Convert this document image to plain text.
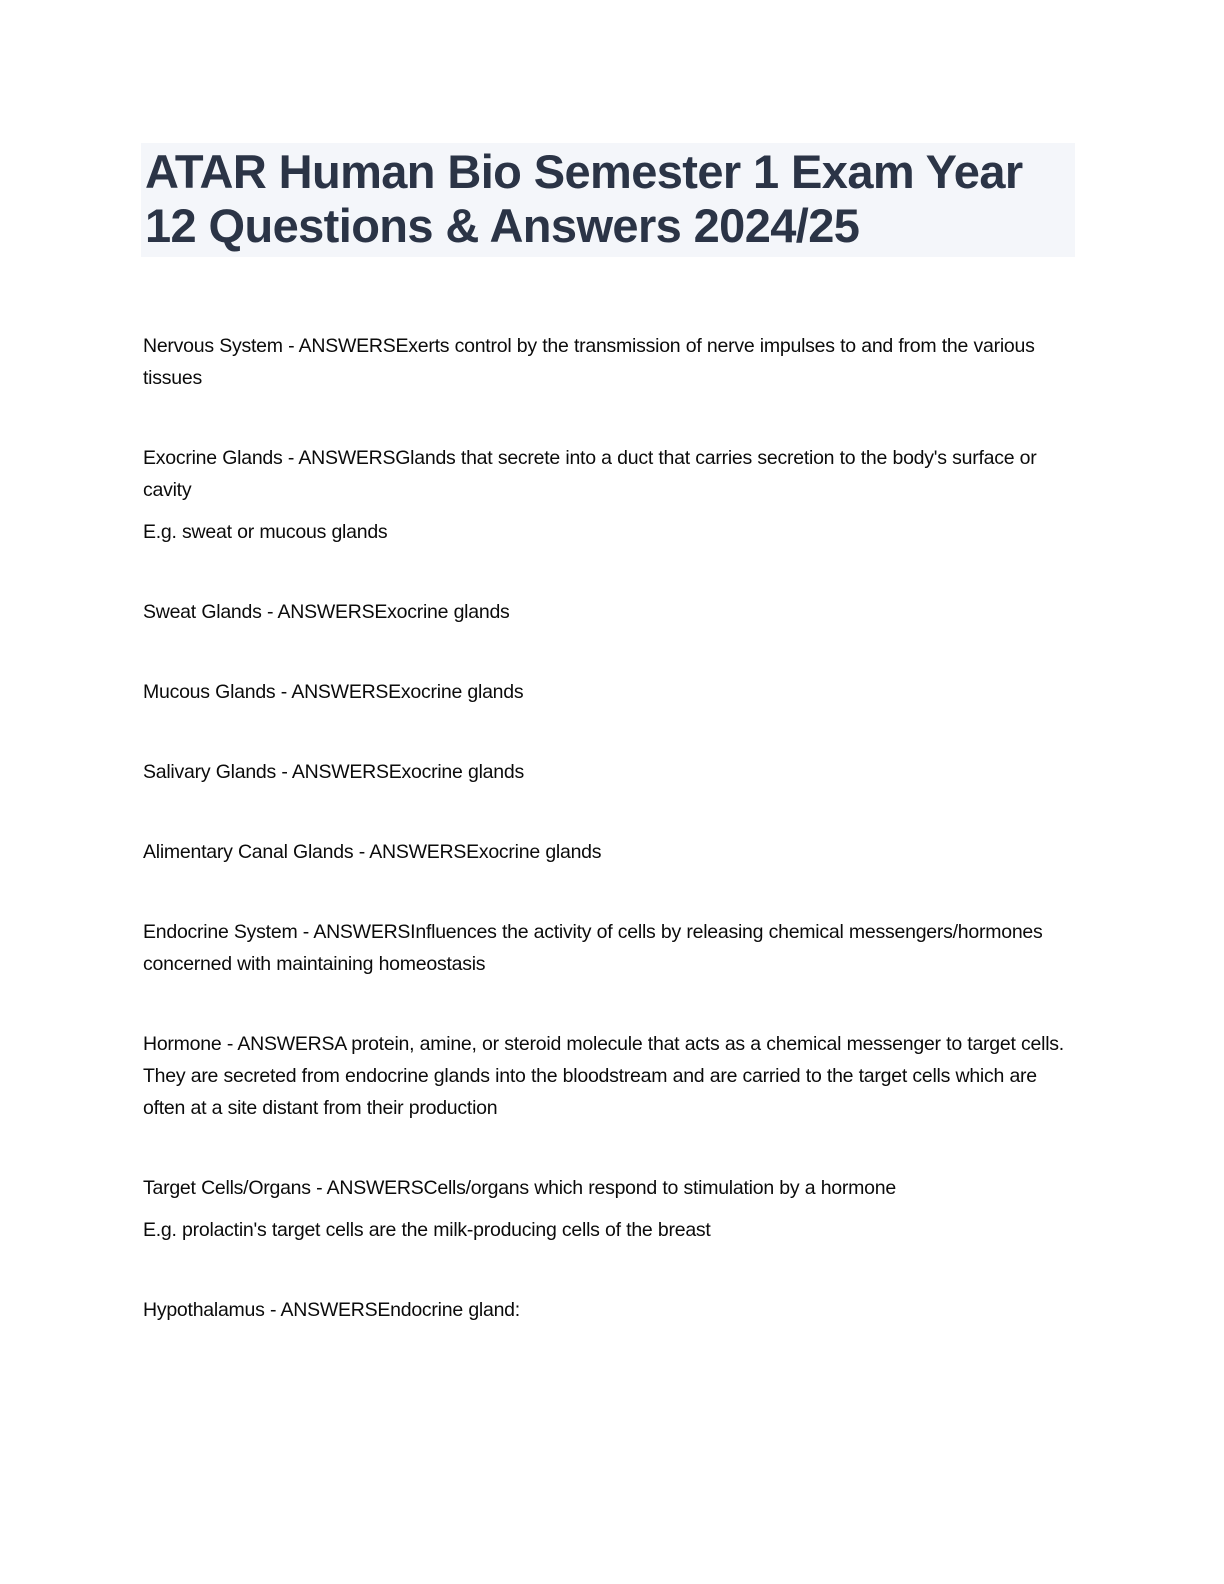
ATAR Human Bio Semester 1 Exam Year 12 Questions & Answers 2024/25

Nervous System - ANSWERSExerts control by the transmission of nerve impulses to and from the various tissues

Exocrine Glands - ANSWERSGlands that secrete into a duct that carries secretion to the body's surface or cavity

E.g. sweat or mucous glands

Sweat Glands - ANSWERSExocrine glands

Mucous Glands - ANSWERSExocrine glands

Salivary Glands - ANSWERSExocrine glands

Alimentary Canal Glands - ANSWERSExocrine glands

Endocrine System - ANSWERSInfluences the activity of cells by releasing chemical messengers/hormones concerned with maintaining homeostasis

Hormone - ANSWERSA protein, amine, or steroid molecule that acts as a chemical messenger to target cells. They are secreted from endocrine glands into the bloodstream and are carried to the target cells which are often at a site distant from their production

Target Cells/Organs - ANSWERSCells/organs which respond to stimulation by a hormone

E.g. prolactin's target cells are the milk-producing cells of the breast

Hypothalamus - ANSWERSEndocrine gland:
